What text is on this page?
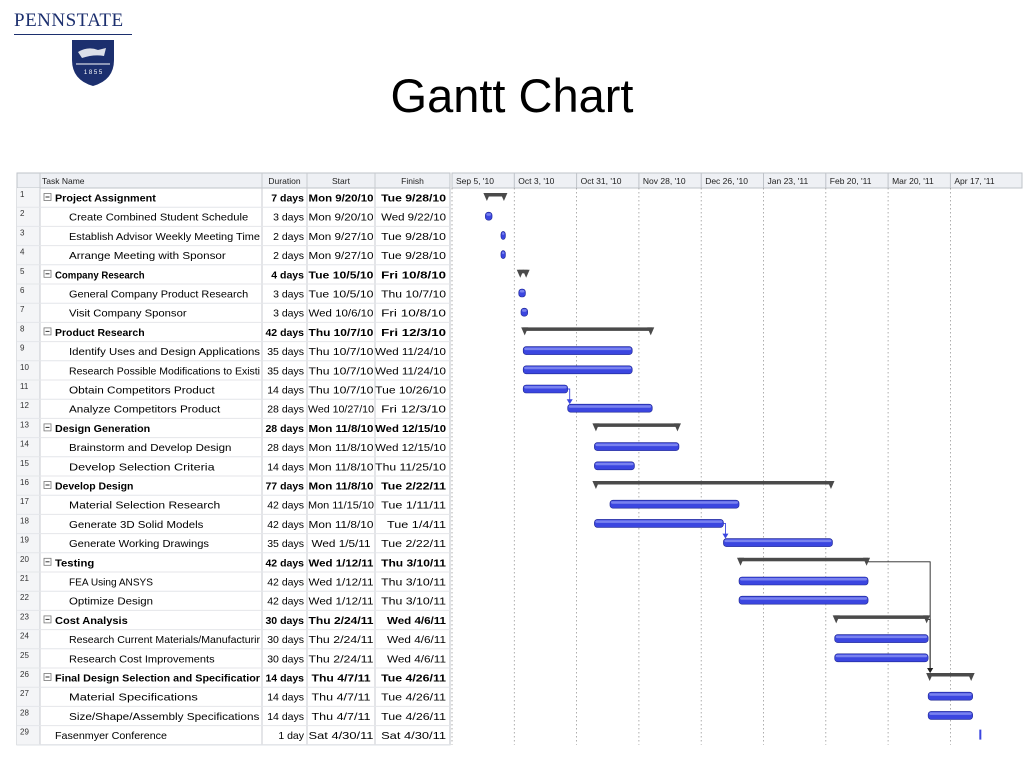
PENNSTATE
1 8 5 5	Gantt Chart
Task Name	Duration	Start	Finish
1	Project Assignment	7 days Mon 9/20/10 Tue 9/28/10
2	Create Combined Student Schedule 3 days Mon 9/20/10 Wed 9/22/10
3	Establish Advisor Weekly Meeting Time 2 days Mon 9/27/10 Tue 9/28/10
4	Arrange Meeting with Sponsor	2 days Mon 9/27/10 Tue 9/28/10
5	Company Research	4 days Tue 10/5/10 Fri 10/8/10
6	General Company Product Research 3 days Tue 10/5/10 Thu 10/7/10
7	Visit Company Sponsor	3 days Wed 10/6/10 Fri 10/8/10
8	Product Research	42 days Thu 10/7/10 Fri 12/3/10
9	Identify Uses and Design Applications 35 days Thu 10/7/10 Wed 11/24/10
10	Research Possible Modifications to Existi 35 days Thu 10/7/10 Wed 11/24/10
11	Obtain Competitors Product	14 days Thu 10/7/10 Tue 10/26/10
12	Analyze Competitors Product	28 days Wed 10/27/10 Fri 12/3/10
13 Design Generation	28 days Mon 11/8/10 Wed 12/15/10
14	Brainstorm and Develop Design	28 days Mon 11/8/10 Wed 12/15/10
15	Develop Selection Criteria	14 days Mon 11/8/10 Thu 11/25/10
16 Develop Design	77 days Mon 11/8/10 Tue 2/22/11
17	Material Selection Research	42 days Mon 11/15/10 Tue 1/11/11
18	Generate 3D Solid Models	42 days Mon 11/8/10 Tue 1/4/11
19	Generate Working Drawings	35 days Wed 1/5/11 Tue 2/22/11
20 Testing	42 days Wed 1/12/11 Thu 3/10/11
21	FEA Using ANSYS	42 days Wed 1/12/11 Thu 3/10/11
22	Optimize Design	42 days Wed 1/12/11 Thu 3/10/11
23 Cost Analysis	30 days Thu 2/24/11 Wed 4/6/11
24	Research Current Materials/Manufacturir 30 days Thu 2/24/11 Wed 4/6/11
25	Research Cost Improvements	30 days Thu 2/24/11 Wed 4/6/11
26 Final Design Selection and Specificatior 14 days Thu 4/7/11 Tue 4/26/11
27	Material Specifications	14 days Thu 4/7/11 Tue 4/26/11
28	Size/Shape/Assembly Specifications 14 days Thu 4/7/11 Tue 4/26/11
29 Fasenmyer Conference	1 day Sat 4/30/11 Sat 4/30/11
Sep 5, '10	Oct 3, '10	Oct 31, '10	Nov 28, '10 Dec 26, '10 Jan 23, '11	Feb 20, '11 Mar 20, '11 Apr 17, '11
